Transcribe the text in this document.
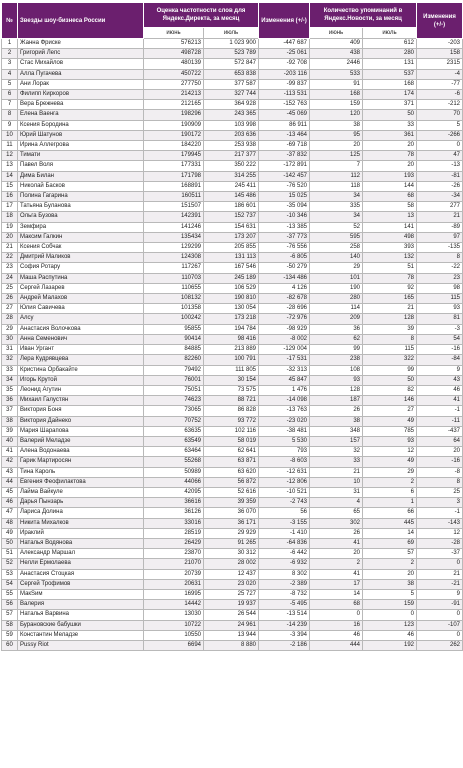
№	Звезды шоу-бизнеса России	Оценка частотности слов для Яндекс.Директа, за месяц		Изменения (+/-)	Количество упоминаний в Яндекс.Новости, за месяц		Изменения (+/-)
		июнь	июль		июнь	июль	
1	Жанна Фриске	576213	1 023 900	-447 687	409	612	-203
2	Григорий Лепс	498728	523 789	-25 061	438	280	158
3	Стас Михайлов	480139	572 847	-92 708	2446	131	2315
4	Алла Пугачева	450722	653 838	-203 116	533	537	-4
5	Ани Лорак	277750	377 587	-99 837	91	168	-77
6	Филипп Киркоров	214213	327 744	-113 531	168	174	-6
7	Вера Брежнева	212165	364 928	-152 763	159	371	-212
8	Елена Ваенга	198296	243 365	-45 069	120	50	70
9	Ксения Бородина	190909	103 998	86 911	38	33	5
10	Юрий Шатунов	190172	203 636	-13 464	95	361	-266
11	Ирина Аллегрова	184220	253 938	-69 718	20	20	0
12	Тимати	179945	217 377	-37 832	125	78	47
13	Павел Воля	177331	350 222	-172 891	7	20	-13
14	Дима Билан	171798	314 255	-142 457	112	193	-81
15	Николай Басков	168891	245 411	-76 520	118	144	-26
16	Полина Гагарина	160511	145 486	15 025	34	68	-34
17	Татьяна Буланова	151507	186 601	-35 094	335	58	277
18	Ольга Бузова	142391	152 737	-10 346	34	13	21
19	Земфира	141246	154 631	-13 385	52	141	-89
20	Максим Галкин	135434	173 207	-37 773	595	498	97
21	Ксения Собчак	129299	205 855	-76 556	258	393	-135
22	Дмитрий Маликов	124308	131 113	-6 805	140	132	8
23	София Ротару	117267	167 546	-50 279	29	51	-22
24	Маша Распутина	110703	245 189	-134 486	101	78	23
25	Сергей Лазарев	110655	106 529	4 126	190	92	98
26	Андрей Малахов	108132	190 810	-82 678	280	165	115
27	Юлия Савичева	101358	130 054	-28 696	114	21	93
28	Алсу	100242	173 218	-72 976	209	128	81
29	Анастасия Волочкова	95855	194 784	-98 929	36	39	-3
30	Анна Семенович	90414	98 416	-8 002	62	8	54
31	Иван Ургант	84885	213 889	-129 004	99	115	-16
32	Лера Кудрявцева	82260	100 791	-17 531	238	322	-84
33	Кристина Орбакайте	79492	111 805	-32 313	108	99	9
34	Игорь Крутой	76001	30 154	45 847	93	50	43
35	Леонид Агутин	75051	73 575	1 476	128	82	46
36	Михаил Галустян	74623	88 721	-14 098	187	146	41
37	Виктория Боня	73065	86 828	-13 763	26	27	-1
38	Виктория Дайнеко	70752	93 772	-23 020	38	49	-11
39	Мария Шарапова	63635	102 116	-38 481	348	785	-437
40	Валерий Меладзе	63549	58 019	5 530	157	93	64
41	Алена Водонаева	63464	62 641	793	32	12	20
42	Гарик Мартиросян	55268	63 871	-8 603	33	49	-16
43	Тина Кароль	50989	63 620	-12 631	21	29	-8
44	Евгения Феофилактова	44066	56 872	-12 806	10	2	8
45	Лайма Вайкуле	42095	52 616	-10 521	31	6	25
46	Дарья Пынзарь	36616	39 359	-2 743	4	1	3
47	Лариса Долина	36126	36 070	56	65	66	-1
48	Никита Михалков	33016	36 171	-3 155	302	445	-143
49	Ираклий	28519	29 929	-1 410	26	14	12
50	Наталья Водянова	26429	91 265	-64 836	41	69	-28
51	Александр Маршал	23870	30 312	-6 442	20	57	-37
52	Нелли Ермолаева	21070	28 002	-6 932	2	2	0
53	Анастасия Стоцкая	20739	12 437	8 302	41	20	21
54	Сергей Трофимов	20631	23 020	-2 389	17	38	-21
55	МакSим	16995	25 727	-8 732	14	5	9
56	Валерия	14442	19 937	-5 495	68	159	-91
57	Наталья Варвина	13030	26 544	-13 514	0	0	0
58	Бурановские бабушки	10722	24 961	-14 239	16	123	-107
59	Константин Меладзе	10550	13 944	-3 394	46	46	0
60	Pussy Riot	6694	8 880	-2 186	444	192	262
